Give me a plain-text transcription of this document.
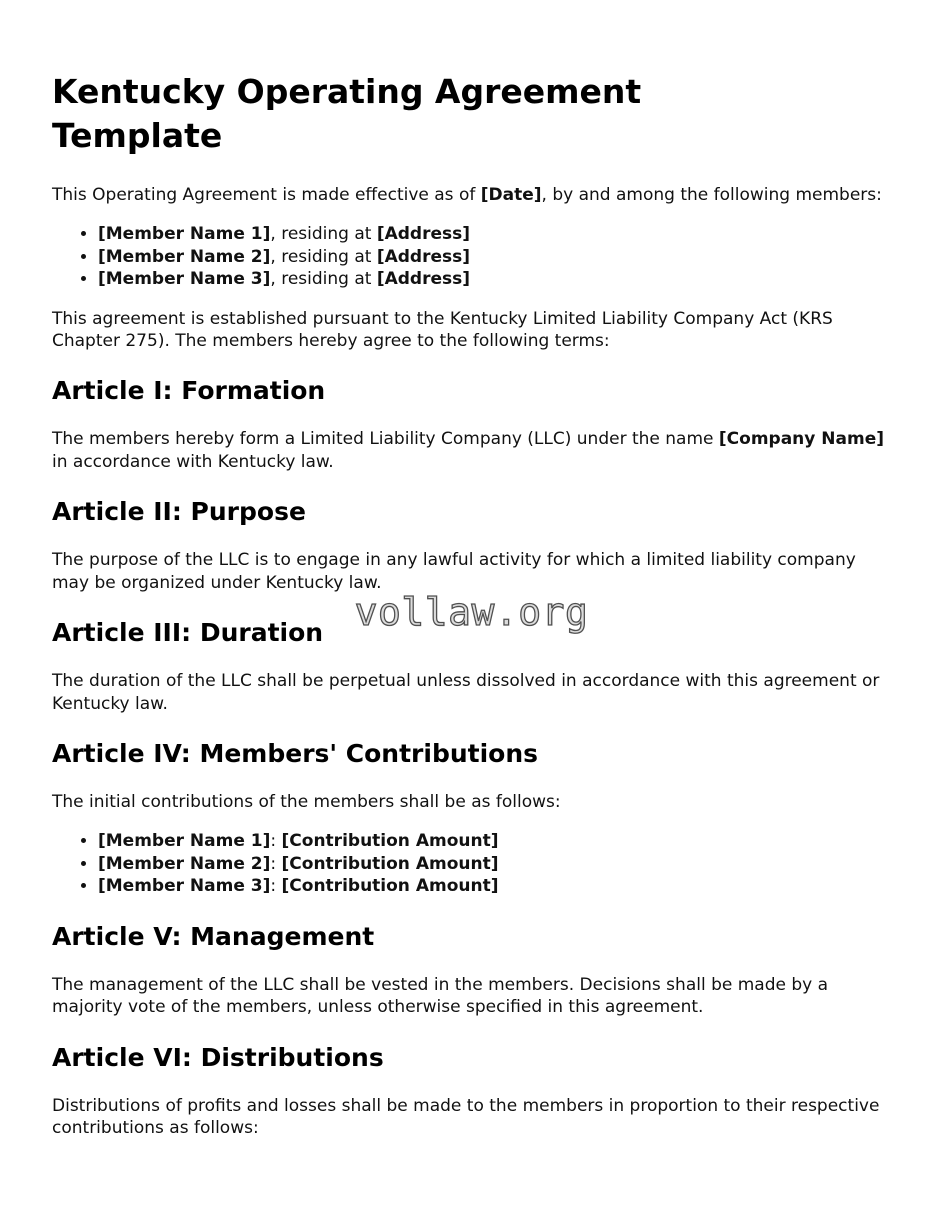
Kentucky Operating Agreement Template

This Operating Agreement is made effective as of [Date], by and among the following members:

• [Member Name 1], residing at [Address]
• [Member Name 2], residing at [Address]
• [Member Name 3], residing at [Address]

This agreement is established pursuant to the Kentucky Limited Liability Company Act (KRS Chapter 275). The members hereby agree to the following terms:

Article I: Formation

The members hereby form a Limited Liability Company (LLC) under the name [Company Name] in accordance with Kentucky law.

Article II: Purpose

The purpose of the LLC is to engage in any lawful activity for which a limited liability company may be organized under Kentucky law.

Article III: Duration

The duration of the LLC shall be perpetual unless dissolved in accordance with this agreement or Kentucky law.

Article IV: Members' Contributions

The initial contributions of the members shall be as follows:

• [Member Name 1]: [Contribution Amount]
• [Member Name 2]: [Contribution Amount]
• [Member Name 3]: [Contribution Amount]
Article V: Management

The management of the LLC shall be vested in the members. Decisions shall be made by a majority vote of the members, unless otherwise specified in this agreement.

Article VI: Distributions

Distributions of profits and losses shall be made to the members in proportion to their respective contributions as follows:

vollaw.org
